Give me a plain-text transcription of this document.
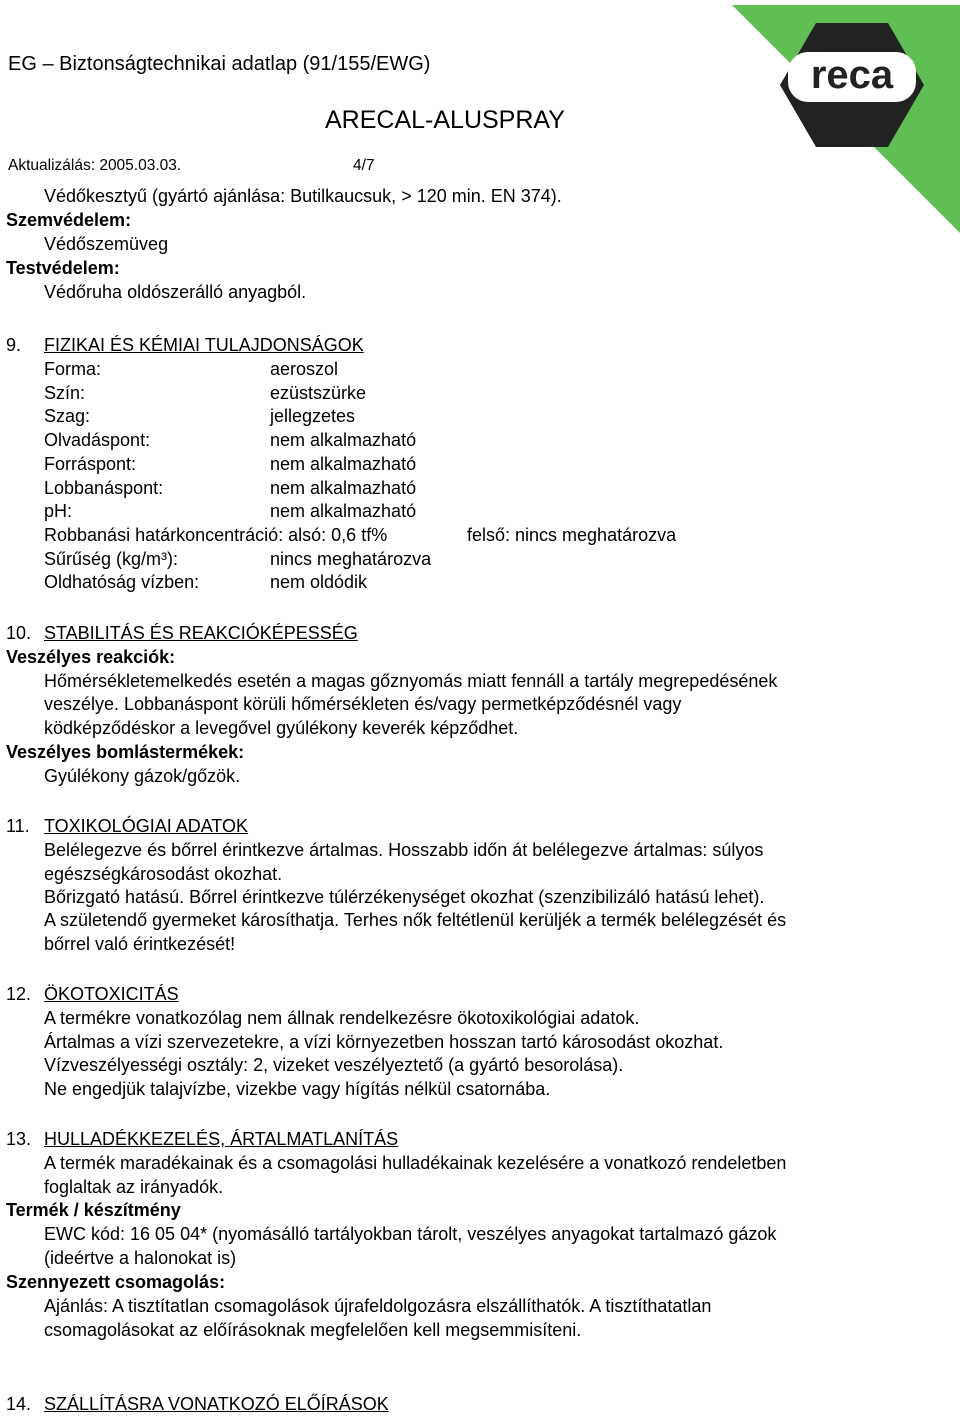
reca
EG – Biztonságtechnikai adatlap (91/155/EWG)
ARECAL-ALUSPRAY
Aktualizálás: 2005.03.03.	4/7
Védőkesztyű (gyártó ajánlása: Butilkaucsuk, > 120 min. EN 374).
Szemvédelem:
Védőszemüveg
Testvédelem:
Védőruha oldószerálló anyagból.
9. FIZIKAI ÉS KÉMIAI TULAJDONSÁGOK
Forma:	aeroszol
Szín:	ezüstszürke
Szag:	jellegzetes
Olvadáspont:	nem alkalmazható
Forráspont:	nem alkalmazható
Lobbanáspont:	nem alkalmazható
pH:	nem alkalmazható
Robbanási határkoncentráció: alsó: 0,6 tf%	felső: nincs meghatározva
Sűrűség (kg/m³):	nincs meghatározva
Oldhatóság vízben:	nem oldódik
10. STABILITÁS ÉS REAKCIÓKÉPESSÉG
Veszélyes reakciók:
Hőmérsékletemelkedés esetén a magas gőznyomás miatt fennáll a tartály megrepedésének
veszélye. Lobbanáspont körüli hőmérsékleten és/vagy permetképződésnél vagy
ködképződéskor a levegővel gyúlékony keverék képződhet.
Veszélyes bomlástermékek:
Gyúlékony gázok/gőzök.
11. TOXIKOLÓGIAI ADATOK
Belélegezve és bőrrel érintkezve ártalmas. Hosszabb időn át belélegezve ártalmas: súlyos
egészségkárosodást okozhat.
Bőrizgató hatású. Bőrrel érintkezve túlérzékenységet okozhat (szenzibilizáló hatású lehet).
A születendő gyermeket károsíthatja. Terhes nők feltétlenül kerüljék a termék belélegzését és
bőrrel való érintkezését!
12. ÖKOTOXICITÁS
A termékre vonatkozólag nem állnak rendelkezésre ökotoxikológiai adatok.
Ártalmas a vízi szervezetekre, a vízi környezetben hosszan tartó károsodást okozhat.
Vízveszélyességi osztály: 2, vizeket veszélyeztető (a gyártó besorolása).
Ne engedjük talajvízbe, vizekbe vagy hígítás nélkül csatornába.
13. HULLADÉKKEZELÉS, ÁRTALMATLANÍTÁS
A termék maradékainak és a csomagolási hulladékainak kezelésére a vonatkozó rendeletben
foglaltak az irányadók.
Termék / készítmény
EWC kód: 16 05 04* (nyomásálló tartályokban tárolt, veszélyes anyagokat tartalmazó gázok
(ideértve a halonokat is)
Szennyezett csomagolás:
Ajánlás: A tisztítatlan csomagolások újrafeldolgozásra elszállíthatók. A tisztíthatatlan
csomagolásokat az előírásoknak megfelelően kell megsemmisíteni.
14. SZÁLLÍTÁSRA VONATKOZÓ ELŐÍRÁSOK
